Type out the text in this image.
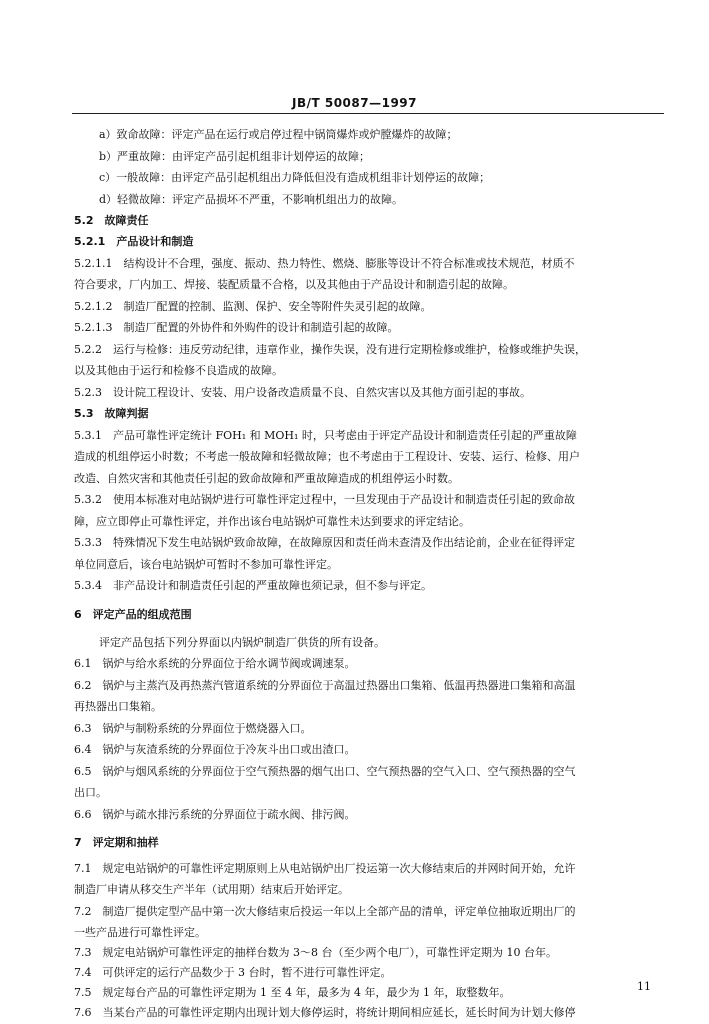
JB/T 50087—1997
a）致命故障：评定产品在运行或启停过程中锅筒爆炸或炉膛爆炸的故障；
b）严重故障：由评定产品引起机组非计划停运的故障；
c）一般故障：由评定产品引起机组出力降低但没有造成机组非计划停运的故障；
d）轻微故障：评定产品损坏不严重，不影响机组出力的故障。
5.2　故障责任
5.2.1　产品设计和制造
5.2.1.1　结构设计不合理，强度、振动、热力特性、燃烧、膨胀等设计不符合标准或技术规范，材质不
符合要求，厂内加工、焊接、装配质量不合格，以及其他由于产品设计和制造引起的故障。
5.2.1.2　制造厂配置的控制、监测、保护、安全等附件失灵引起的故障。
5.2.1.3　制造厂配置的外协件和外购件的设计和制造引起的故障。
5.2.2　运行与检修：违反劳动纪律，违章作业，操作失误，没有进行定期检修或维护，检修或维护失误，
以及其他由于运行和检修不良造成的故障。
5.2.3　设计院工程设计、安装、用户设备改造质量不良、自然灾害以及其他方面引起的事故。
5.3　故障判据
5.3.1　产品可靠性评定统计 FOH₁ 和 MOH₁ 时，只考虑由于评定产品设计和制造责任引起的严重故障
造成的机组停运小时数；不考虑一般故障和轻微故障；也不考虑由于工程设计、安装、运行、检修、用户
改造、自然灾害和其他责任引起的致命故障和严重故障造成的机组停运小时数。
5.3.2　使用本标准对电站锅炉进行可靠性评定过程中，一旦发现由于产品设计和制造责任引起的致命故
障，应立即停止可靠性评定，并作出该台电站锅炉可靠性未达到要求的评定结论。
5.3.3　特殊情况下发生电站锅炉致命故障，在故障原因和责任尚未查清及作出结论前，企业在征得评定
单位同意后，该台电站锅炉可暂时不参加可靠性评定。
5.3.4　非产品设计和制造责任引起的严重故障也须记录，但不参与评定。
6　评定产品的组成范围
评定产品包括下列分界面以内锅炉制造厂供货的所有设备。
6.1　锅炉与给水系统的分界面位于给水调节阀或调速泵。
6.2　锅炉与主蒸汽及再热蒸汽管道系统的分界面位于高温过热器出口集箱、低温再热器进口集箱和高温
再热器出口集箱。
6.3　锅炉与制粉系统的分界面位于燃烧器入口。
6.4　锅炉与灰渣系统的分界面位于冷灰斗出口或出渣口。
6.5　锅炉与烟风系统的分界面位于空气预热器的烟气出口、空气预热器的空气入口、空气预热器的空气
出口。
6.6　锅炉与疏水排污系统的分界面位于疏水阀、排污阀。
7　评定期和抽样
7.1　规定电站锅炉的可靠性评定期原则上从电站锅炉出厂投运第一次大修结束后的并网时间开始，允许
制造厂申请从移交生产半年（试用期）结束后开始评定。
7.2　制造厂提供定型产品中第一次大修结束后投运一年以上全部产品的清单，评定单位抽取近期出厂的
一些产品进行可靠性评定。
7.3　规定电站锅炉可靠性评定的抽样台数为 3～8 台（至少两个电厂），可靠性评定期为 10 台年。
7.4　可供评定的运行产品数少于 3 台时，暂不进行可靠性评定。
7.5　规定每台产品的可靠性评定期为 1 至 4 年，最多为 4 年，最少为 1 年，取整数年。
7.6　当某台产品的可靠性评定期内出现计划大修停运时，将统计期间相应延长，延长时间为计划大修停
11
